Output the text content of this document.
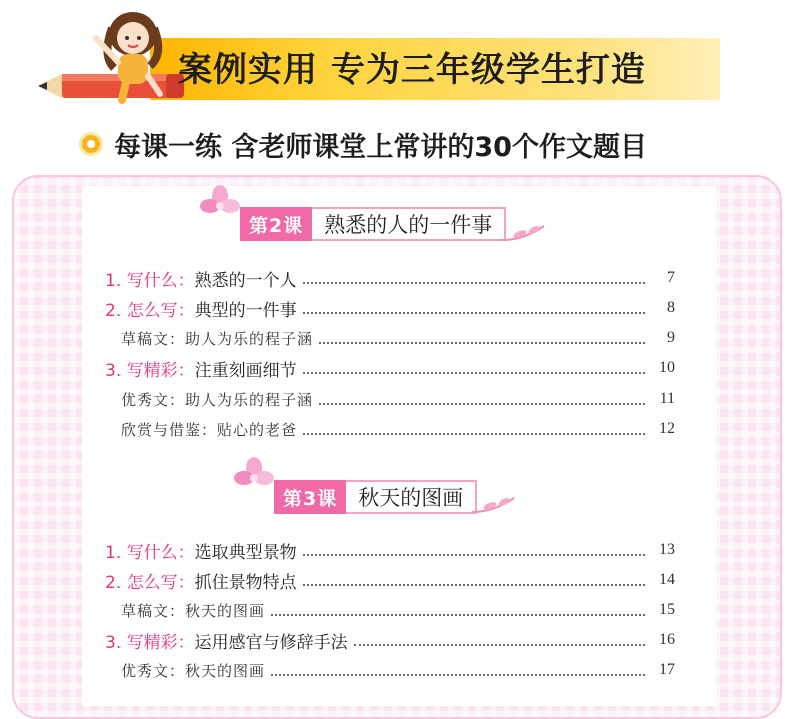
案例实用 专为三年级学生打造
每课一练 含老师课堂上常讲的30个作文题目
第2课	熟悉的人的一件事
1. 写什么： 熟悉的一个人	7
2. 怎么写： 典型的一件事	8
草稿文：助人为乐的程子涵	9
3. 写精彩： 注重刻画细节	10
优秀文：助人为乐的程子涵	11
欣赏与借鉴：贴心的老爸	12
第3课	秋天的图画
1. 写什么： 选取典型景物	13
2. 怎么写： 抓住景物特点	14
草稿文：秋天的图画	15
3. 写精彩： 运用感官与修辞手法	16
优秀文：秋天的图画	17
